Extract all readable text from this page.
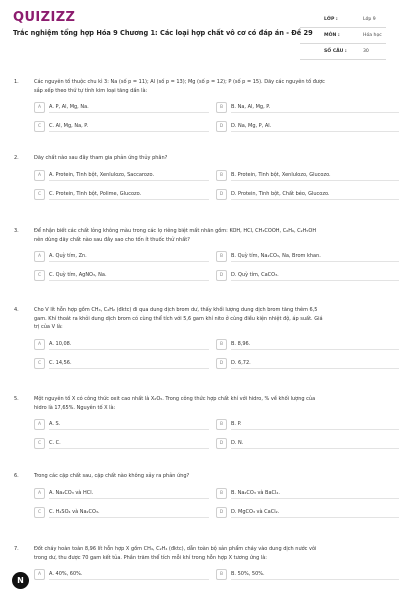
QUIZIZZ
Trắc nghiệm tổng hợp Hóa 9 Chương 1: Các loại hợp chất vô cơ có đáp án - Đề 29
LỚP :	Lớp 9
MÔN :	Hóa học
SỐ CÂU :	30
1.	Các nguyên tố thuộc chu kì 3: Na (số p = 11); Al (số p = 13); Mg (số p = 12); P (số p = 15). Dãy các nguyên tố được
sắp xếp theo thứ tự tính kim loại tăng dần là:
A	A. P, Al, Mg, Na.	B	B. Na, Al, Mg, P.
C	C. Al, Mg, Na, P.	D	D. Na, Mg, P, Al.
2.	Dãy chất nào sau đây tham gia phản ứng thủy phân?
A	A. Protein, Tinh bột, Xenlulozo, Saccarozo.	B	B. Protein, Tinh bột, Xenlulozo, Glucozo.
C	C. Protein, Tinh bột, Polime, Glucozo.	D	D. Protein, Tinh bột, Chất béo, Glucozo.
3.	Để nhận biết các chất lỏng không màu trong các lọ riêng biệt mất nhãn gồm: KOH, HCl, CH₃COOH, C₆H₆, C₂H₅OH
nên dùng dãy chất nào sau đây sao cho tốn ít thuốc thử nhất?
A	A. Quỳ tím, Zn.	B	B. Quỳ tím, Na₂CO₃, Na, Brom khan.
C	C. Quỳ tím, AgNO₃, Na.	D	D. Quỳ tím, CaCO₃.
4.	Cho V lít hỗn hợp gồm CH₄, C₂H₂ (đktc) đi qua dung dịch brom dư, thấy khối lượng dung dịch brom tăng thêm 6,5
gam. Khí thoát ra khỏi dung dịch brom có cùng thể tích với 5,6 gam khí nito ở cùng điều kiện nhiệt độ, áp suất. Giá
trị của V là:
A	A. 10,08.	B	B. 8,96.
C	C. 14,56.	D	D. 6,72.
5.	Một nguyên tố X có công thức oxit cao nhất là X₂O₅. Trong công thức hợp chất khí với hidro, % về khối lượng của
hidro là 17,65%. Nguyên tố X là:
A	A. S.	B	B. P.
C	C. C.	D	D. N.
6.	Trong các cặp chất sau, cặp chất nào không xảy ra phản ứng?
A	A. Na₂CO₃ và HCl.	B	B. Na₂CO₃ và BaCl₂.
C	C. H₂SO₄ và Na₂CO₃.	D	D. MgCO₃ và CaCl₂.
7.	Đốt cháy hoàn toàn 8,96 lít hỗn hợp X gồm CH₄, C₂H₄ (đktc), dẫn toàn bộ sản phẩm cháy vào dung dịch nước vôi
trong dư, thu được 70 gam kết tủa. Phần trăm thể tích mỗi khí trong hỗn hợp X tương ứng là:
A	A. 40%, 60%.	B	B. 50%, 50%.
N
